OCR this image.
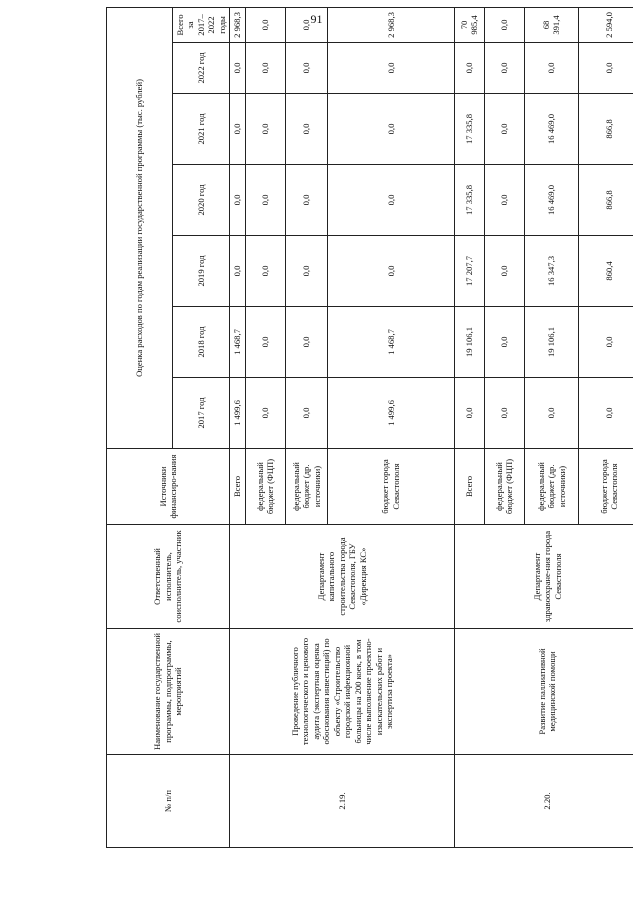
91
№ п/п	Наименование государственной программы, подпрограммы, мероприятий	Ответственный исполнитель, соисполнитель, участник	Источники финансиро-вания	Оценка расходов по годам реализации государственной программы (тыс. рублей)						
				2017 год	2018 год	2019 год	2020 год	2021 год	2022 год	Всего за 2017–2022 годы
2.19.	Проведение публичного технологического и ценового аудита (экспертная оценка обоснования инвестиций) по объекту «Строительство городской инфекционной больницы на 200 коек, в том числе выполнение проектно-изыскательских работ и экспертиза проекта»	Департамент капитального строительства города Севастополя, ГБУ «Дирекция КС»	Всего	1 499,6	1 468,7	0,0	0,0	0,0	0,0	2 968,3
			федеральный бюджет (ФЦП)	0,0	0,0	0,0	0,0	0,0	0,0	0,0
			федеральный бюджет (др. источники)	0,0	0,0	0,0	0,0	0,0	0,0	0,0
			бюджет города Севастополя	1 499,6	1 468,7	0,0	0,0	0,0	0,0	2 968,3
2.20.	Развитие паллиативной медицинской помощи	Департамент здравоохране-ния города Севастополя	Всего	0,0	19 106,1	17 207,7	17 335,8	17 335,8	0,0	70 985,4
			федеральный бюджет (ФЦП)	0,0	0,0	0,0	0,0	0,0	0,0	0,0
			федеральный бюджет (др. источники)	0,0	19 106,1	16 347,3	16 469,0	16 469,0	0,0	68 391,4
			бюджет города Севастополя	0,0	0,0	860,4	866,8	866,8	0,0	2 594,0
